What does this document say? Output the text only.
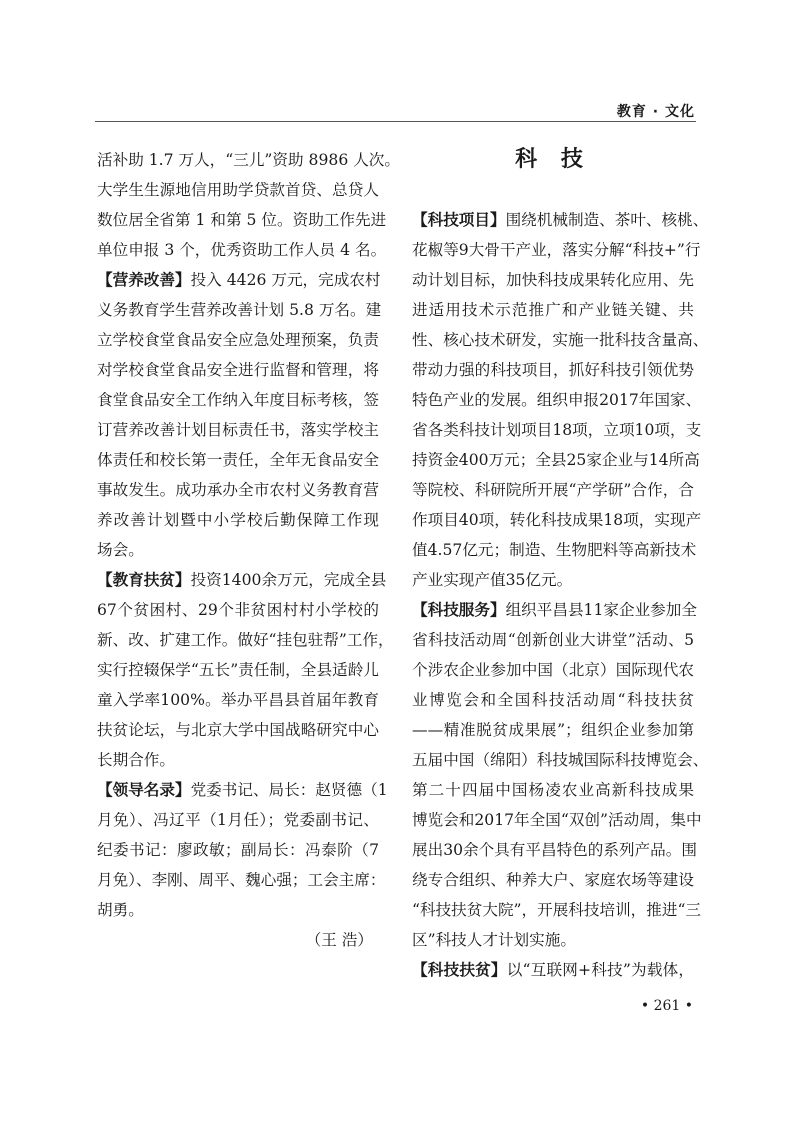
教育 · 文化
活补助 1.7 万人，“三儿”资助 8986 人次。
大学生生源地信用助学贷款首贷、总贷人
数位居全省第 1 和第 5 位。资助工作先进
单位申报 3 个，优秀资助工作人员 4 名。
【营养改善】投入 4426 万元，完成农村
义务教育学生营养改善计划 5.8 万名。建
立学校食堂食品安全应急处理预案，负责
对学校食堂食品安全进行监督和管理，将
食堂食品安全工作纳入年度目标考核，签
订营养改善计划目标责任书，落实学校主
体责任和校长第一责任，全年无食品安全
事故发生。成功承办全市农村义务教育营
养改善计划暨中小学校后勤保障工作现
场会。
【教育扶贫】投资1400余万元，完成全县
67个贫困村、29个非贫困村村小学校的
新、改、扩建工作。做好“挂包驻帮”工作，
实行控辍保学“五长”责任制，全县适龄儿
童入学率100%。举办平昌县首届年教育
扶贫论坛，与北京大学中国战略研究中心
长期合作。
【领导名录】党委书记、局长：赵贤德（1
月免）、冯辽平（1月任）；党委副书记、
纪委书记：廖政敏；副局长：冯泰阶（7
月免）、李刚、周平、魏心强；工会主席：
胡勇。
（王 浩）
科 技
【科技项目】围绕机械制造、茶叶、核桃、
花椒等9大骨干产业，落实分解“科技+”行
动计划目标，加快科技成果转化应用、先
进适用技术示范推广和产业链关键、共
性、核心技术研发，实施一批科技含量高、
带动力强的科技项目，抓好科技引领优势
特色产业的发展。组织申报2017年国家、
省各类科技计划项目18项，立项10项，支
持资金400万元；全县25家企业与14所高
等院校、科研院所开展“产学研”合作，合
作项目40项，转化科技成果18项，实现产
值4.57亿元；制造、生物肥料等高新技术
产业实现产值35亿元。
【科技服务】组织平昌县11家企业参加全
省科技活动周“创新创业大讲堂”活动、5
个涉农企业参加中国（北京）国际现代农
业博览会和全国科技活动周“科技扶贫
——精准脱贫成果展”；组织企业参加第
五届中国（绵阳）科技城国际科技博览会、
第二十四届中国杨凌农业高新科技成果
博览会和2017年全国“双创”活动周，集中
展出30余个具有平昌特色的系列产品。围
绕专合组织、种养大户、家庭农场等建设
“科技扶贫大院”，开展科技培训，推进“三
区”科技人才计划实施。
【科技扶贫】以“互联网+科技”为载体，
• 261 •
